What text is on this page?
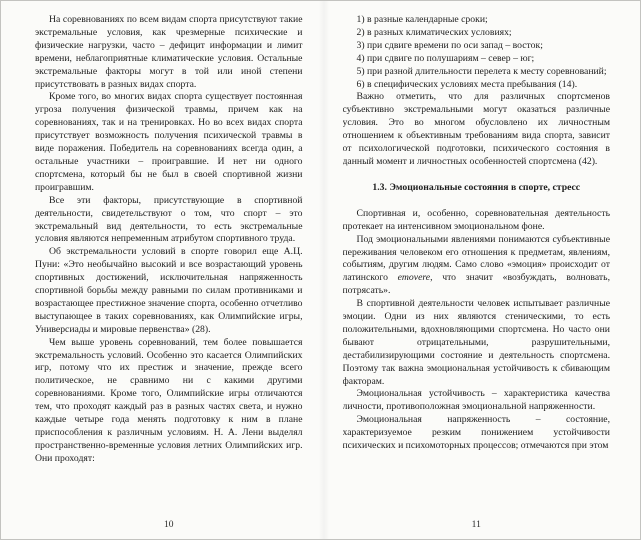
На соревнованиях по всем видам спорта присутствуют такие экстремальные условия, как чрезмерные психические и физические нагрузки, часто – дефицит информации и лимит времени, неблагоприятные климатические условия. Остальные экстремальные факторы могут в той или иной степени присутствовать в разных видах спорта.

Кроме того, во многих видах спорта существует постоянная угроза получения физической травмы, причем как на соревнованиях, так и на тренировках. Но во всех видах спорта присутствует возможность получения психической травмы в виде поражения. Победитель на соревнованиях всегда один, а остальные участники – проигравшие. И нет ни одного спортсмена, который бы не был в своей спортивной жизни проигравшим.

Все эти факторы, присутствующие в спортивной деятельности, свидетельствуют о том, что спорт – это экстремальный вид деятельности, то есть экстремальные условия являются непременным атрибутом спортивного труда.

Об экстремальности условий в спорте говорил еще А.Ц. Пуни: «Это необычайно высокий и все возрастающий уровень спортивных достижений, исключительная напряженность спортивной борьбы между равными по силам противниками и возрастающее престижное значение спорта, особенно отчетливо выступающее в таких соревнованиях, как Олимпийские игры, Универсиады и мировые первенства» (28).

Чем выше уровень соревнований, тем более повышается экстремальность условий. Особенно это касается Олимпийских игр, потому что их престиж и значение, прежде всего политическое, не сравнимо ни с какими другими соревнованиями. Кроме того, Олимпийские игры отличаются тем, что проходят каждый раз в разных частях света, и нужно каждые четыре года менять подготовку к ним в плане приспособления к различным условиям. Н. А. Лени выделял пространственно-временные условия летних Олимпийских игр. Они проходят:

10

1) в разные календарные сроки;

2) в разных климатических условиях;

3) при сдвиге времени по оси запад – восток;

4) при сдвиге по полушариям – север – юг;

5) при разной длительности перелета к месту соревнований;

6) в специфических условиях места пребывания (14).

Важно отметить, что для различных спортсменов субъективно экстремальными могут оказаться различные условия. Это во многом обусловлено их личностным отношением к объективным требованиям вида спорта, зависит от психологической подготовки, психического состояния в данный момент и личностных особенностей спортсмена (42).

1.3. Эмоциональные состояния в спорте, стресс

Спортивная и, особенно, соревновательная деятельность протекает на интенсивном эмоциональном фоне.

Под эмоциональными явлениями понимаются субъективные переживания человеком его отношения к предметам, явлениям, событиям, другим людям. Само слово «эмоция» происходит от латинского emovere, что значит «возбуждать, волновать, потрясать».

В спортивной деятельности человек испытывает различные эмоции. Одни из них являются стеническими, то есть положительными, вдохновляющими спортсмена. Но часто они бывают отрицательными, разрушительными, дестабилизирующими состояние и деятельность спортсмена. Поэтому так важна эмоциональная устойчивость к сбивающим факторам.

Эмоциональная устойчивость – характеристика качества личности, противоположная эмоциональной напряженности.

Эмоциональная напряженность – состояние, характеризуемое резким понижением устойчивости психических и психомоторных процессов; отмечаются при этом

11
